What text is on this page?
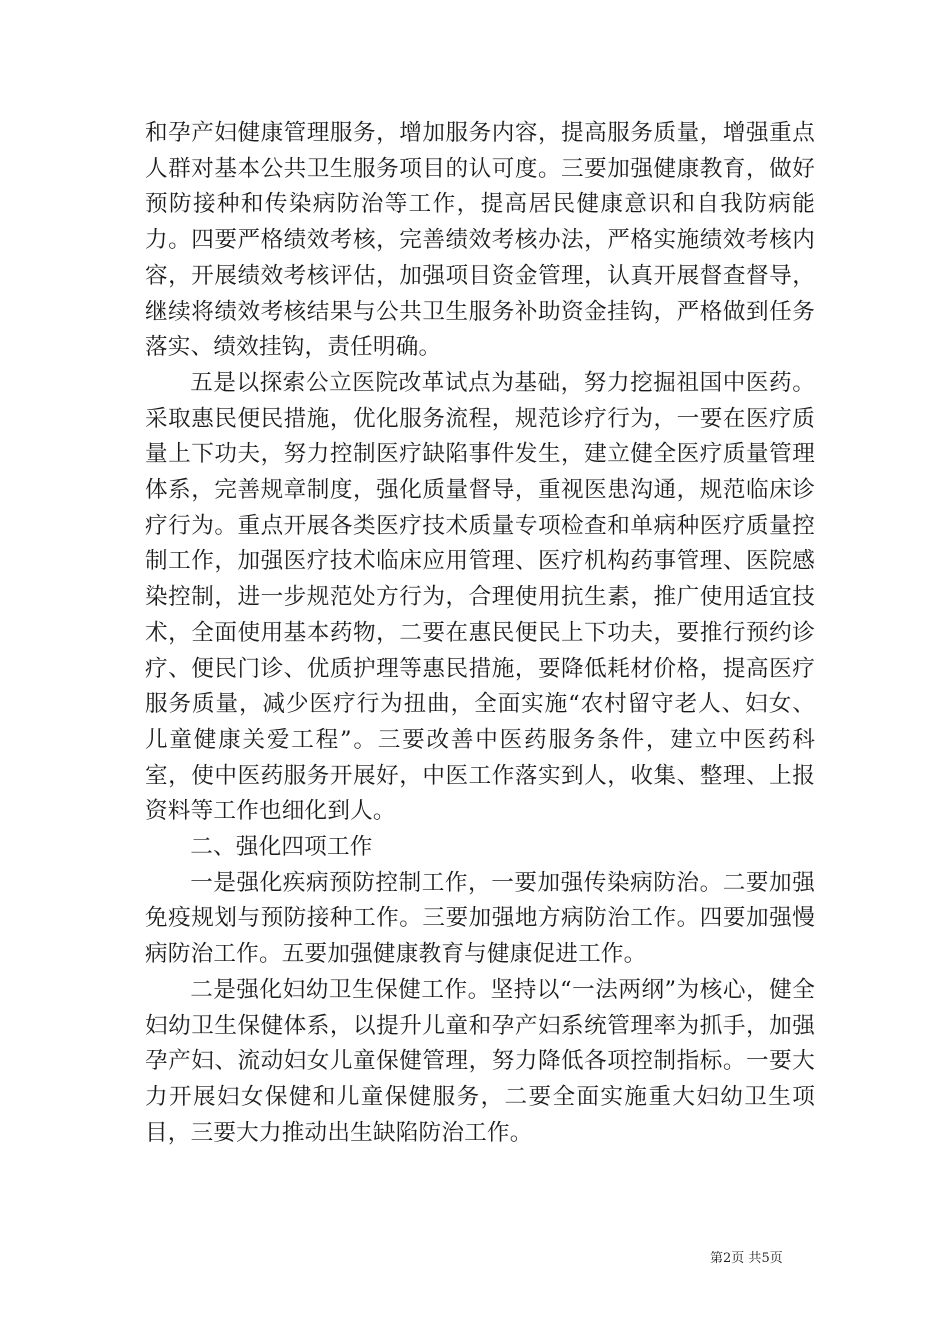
和孕产妇健康管理服务，增加服务内容，提高服务质量，增强重点人群对基本公共卫生服务项目的认可度。三要加强健康教育，做好预防接种和传染病防治等工作，提高居民健康意识和自我防病能力。四要严格绩效考核，完善绩效考核办法，严格实施绩效考核内容，开展绩效考核评估，加强项目资金管理，认真开展督查督导，继续将绩效考核结果与公共卫生服务补助资金挂钩，严格做到任务落实、绩效挂钩，责任明确。

五是以探索公立医院改革试点为基础，努力挖掘祖国中医药。采取惠民便民措施，优化服务流程，规范诊疗行为，一要在医疗质量上下功夫，努力控制医疗缺陷事件发生，建立健全医疗质量管理体系，完善规章制度，强化质量督导，重视医患沟通，规范临床诊疗行为。重点开展各类医疗技术质量专项检查和单病种医疗质量控制工作，加强医疗技术临床应用管理、医疗机构药事管理、医院感染控制，进一步规范处方行为，合理使用抗生素，推广使用适宜技术，全面使用基本药物，二要在惠民便民上下功夫，要推行预约诊疗、便民门诊、优质护理等惠民措施，要降低耗材价格，提高医疗服务质量，减少医疗行为扭曲，全面实施“农村留守老人、妇女、儿童健康关爱工程”。三要改善中医药服务条件，建立中医药科室，使中医药服务开展好，中医工作落实到人，收集、整理、上报资料等工作也细化到人。

二、强化四项工作

一是强化疾病预防控制工作，一要加强传染病防治。二要加强免疫规划与预防接种工作。三要加强地方病防治工作。四要加强慢病防治工作。五要加强健康教育与健康促进工作。

二是强化妇幼卫生保健工作。坚持以“一法两纲”为核心，健全妇幼卫生保健体系，以提升儿童和孕产妇系统管理率为抓手，加强孕产妇、流动妇女儿童保健管理，努力降低各项控制指标。一要大力开展妇女保健和儿童保健服务，二要全面实施重大妇幼卫生项目，三要大力推动出生缺陷防治工作。

第2页 共5页
